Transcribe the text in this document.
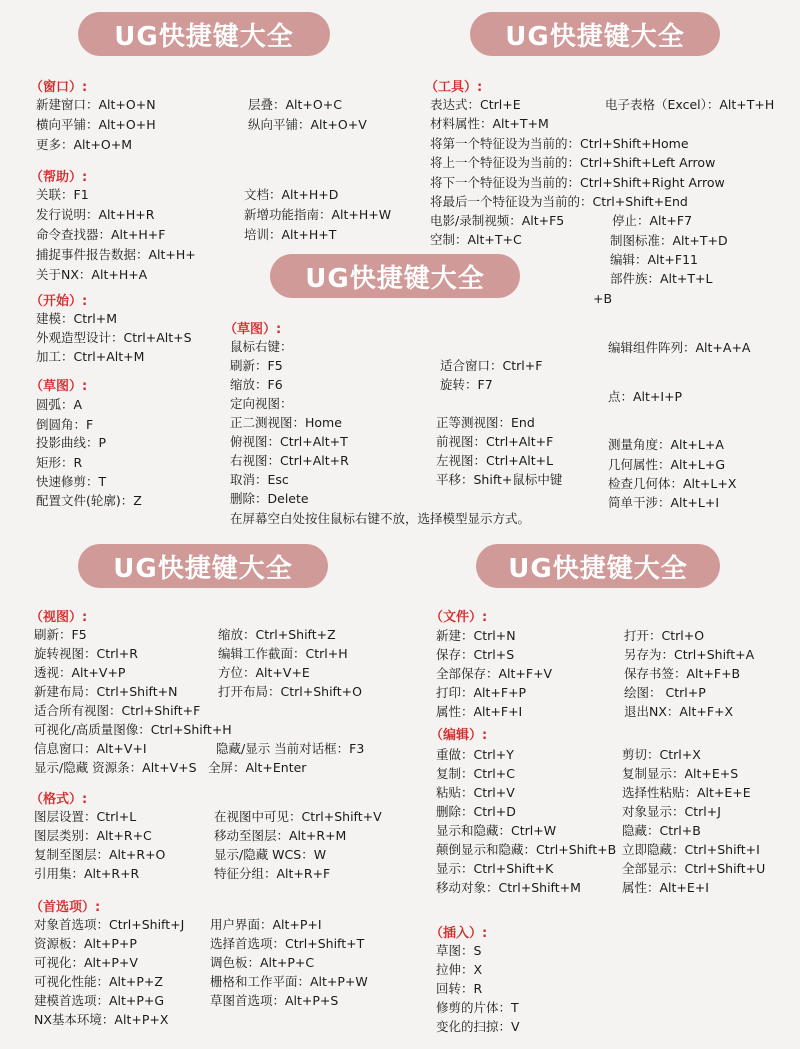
UG快捷键大全	UG快捷键大全
（窗口）:
新建窗口：Alt+O+N	层叠：Alt+O+C
横向平铺：Alt+O+H	纵向平铺：Alt+O+V
更多：Alt+O+M
（帮助）:
关联：F1	文档：Alt+H+D
发行说明：Alt+H+R	新增功能指南：Alt+H+W
命令查找器：Alt+H+F	培训：Alt+H+T
捕捉事件报告数据：Alt+H+
关于NX：Alt+H+A
（开始）:
建模：Ctrl+M
外观造型设计：Ctrl+Alt+S
加工：Ctrl+Alt+M
（草图）:
圆弧：A
倒圆角：F
投影曲线：P
矩形：R
快速修剪：T
配置文件(轮廓)：Z
（工具）:
表达式：Ctrl+E	电子表格（Excel）：Alt+T+H
材料属性：Alt+T+M
将第一个特征设为当前的：Ctrl+Shift+Home
将上一个特征设为当前的：Ctrl+Shift+Left Arrow
将下一个特征设为当前的：Ctrl+Shift+Right Arrow
将最后一个特征设为当前的：Ctrl+Shift+End
电影/录制视频：Alt+F5	停止：Alt+F7
空制：Alt+T+C	制图标准：Alt+T+D
编辑：Alt+F11
部件族：Alt+T+L
+B
编辑组件阵列：Alt+A+A
点：Alt+I+P
测量角度：Alt+L+A
几何属性：Alt+L+G
检查几何体：Alt+L+X
简单干涉：Alt+L+I
UG快捷键大全
（草图）:
鼠标右键：
刷新：F5	适合窗口：Ctrl+F
缩放：F6	旋转：F7
定向视图：
正二测视图：Home	正等测视图：End
俯视图：Ctrl+Alt+T	前视图：Ctrl+Alt+F
右视图：Ctrl+Alt+R	左视图：Ctrl+Alt+L
取消：Esc	平移：Shift+鼠标中键
删除：Delete
在屏幕空白处按住鼠标右键不放，选择模型显示方式。
UG快捷键大全	UG快捷键大全
（视图）:
刷新：F5	缩放：Ctrl+Shift+Z
旋转视图：Ctrl+R	编辑工作截面：Ctrl+H
透视：Alt+V+P	方位：Alt+V+E
新建布局：Ctrl+Shift+N	打开布局：Ctrl+Shift+O
适合所有视图：Ctrl+Shift+F
可视化/高质量图像：Ctrl+Shift+H
信息窗口：Alt+V+I	隐藏/显示 当前对话框：F3
显示/隐藏 资源条：Alt+V+S 全屏：Alt+Enter
（格式）:
图层设置：Ctrl+L	在视图中可见：Ctrl+Shift+V
图层类别：Alt+R+C	移动至图层：Alt+R+M
复制至图层：Alt+R+O	显示/隐藏 WCS：W
引用集：Alt+R+R	特征分组：Alt+R+F
（首选项）:
对象首选项：Ctrl+Shift+J 用户界面：Alt+P+I
资源板：Alt+P+P	选择首选项：Ctrl+Shift+T
可视化：Alt+P+V	调色板：Alt+P+C
可视化性能：Alt+P+Z	栅格和工作平面：Alt+P+W
建模首选项：Alt+P+G	草图首选项：Alt+P+S
NX基本环境：Alt+P+X
（文件）:
新建：Ctrl+N	打开：Ctrl+O
保存：Ctrl+S	另存为：Ctrl+Shift+A
全部保存：Alt+F+V	保存书签：Alt+F+B
打印：Alt+F+P	绘图： Ctrl+P
属性：Alt+F+I	退出NX：Alt+F+X
（编辑）:
重做：Ctrl+Y	剪切：Ctrl+X
复制：Ctrl+C	复制显示：Alt+E+S
粘贴：Ctrl+V	选择性粘贴：Alt+E+E
删除：Ctrl+D	对象显示：Ctrl+J
显示和隐藏：Ctrl+W	隐藏：Ctrl+B
颠倒显示和隐藏：Ctrl+Shift+B 立即隐藏：Ctrl+Shift+I
显示：Ctrl+Shift+K	全部显示：Ctrl+Shift+U
移动对象：Ctrl+Shift+M	属性：Alt+E+I
（插入）:
草图：S
拉伸：X
回转：R
修剪的片体：T
变化的扫掠：V
